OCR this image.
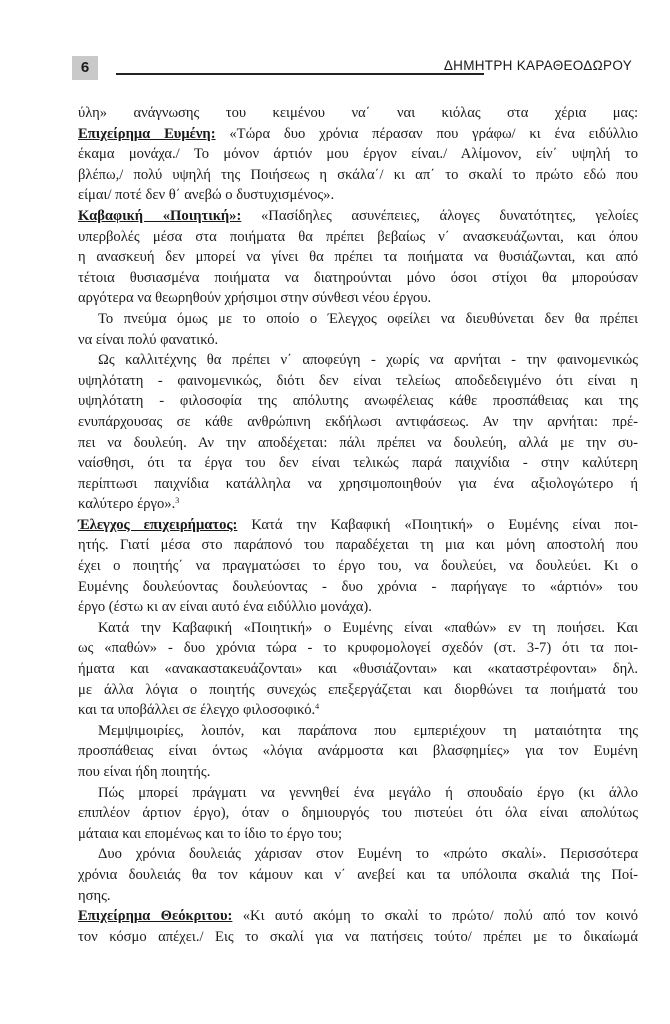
6	ΔΗΜΗΤΡΗ ΚΑΡΑΘΕΟΔΩΡΟΥ
ύλη» ανάγνωσης του κειμένου να΄ ναι κιόλας στα χέρια μας:
Επιχείρημα Ευμένη: «Τώρα δυο χρόνια πέρασαν που γράφω/ κι ένα ειδύλλιο
έκαμα μονάχα./ Το μόνον άρτιόν μου έργον είναι./ Αλίμονον, είν΄ υψηλή το
βλέπω,/ πολύ υψηλή της Ποιήσεως η σκάλα΄/ κι απ΄ το σκαλί το πρώτο εδώ που
είμαι/ ποτέ δεν θ΄ ανεβώ ο δυστυχισμένος».
Καβαφική «Ποιητική»: «Πασίδηλες ασυνέπειες, άλογες δυνατότητες, γελοίες
υπερβολές μέσα στα ποιήματα θα πρέπει βεβαίως ν΄ ανασκευάζωνται, και όπου
η ανασκευή δεν μπορεί να γίνει θα πρέπει τα ποιήματα να θυσιάζωνται, και από
τέτοια θυσιασμένα ποιήματα να διατηρούνται μόνο όσοι στίχοι θα μπορούσαν
αργότερα να θεωρηθούν χρήσιμοι στην σύνθεσι νέου έργου.
Το πνεύμα όμως με το οποίο ο Έλεγχος οφείλει να διευθύνεται δεν θα πρέπει
να είναι πολύ φανατικό.
Ως καλλιτέχνης θα πρέπει ν΄ αποφεύγη - χωρίς να αρνήται - την φαινομενικώς
υψηλότατη - φαινομενικώς, διότι δεν είναι τελείως αποδεδειγμένο ότι είναι η
υψηλότατη - φιλοσοφία της απόλυτης ανωφέλειας κάθε προσπάθειας και της
ενυπάρχουσας σε κάθε ανθρώπινη εκδήλωσι αντιφάσεως. Αν την αρνήται: πρέ-
πει να δουλεύη. Αν την αποδέχεται: πάλι πρέπει να δουλεύη, αλλά με την συ-
ναίσθησι, ότι τα έργα του δεν είναι τελικώς παρά παιχνίδια - στην καλύτερη
περίπτωσι παιχνίδια κατάλληλα να χρησιμοποιηθούν για ένα αξιολογώτερο ή
καλύτερο έργο».$^3$
Έλεγχος επιχειρήματος: Κατά την Καβαφική «Ποιητική» ο Ευμένης είναι ποι-
ητής. Γιατί μέσα στο παράπονό του παραδέχεται τη μια και μόνη αποστολή που
έχει ο ποιητής΄ να πραγματώσει το έργο του, να δουλεύει, να δουλεύει. Κι ο
Ευμένης δουλεύοντας δουλεύοντας - δυο χρόνια - παρήγαγε το «άρτιόν» του
έργο (έστω κι αν είναι αυτό ένα ειδύλλιο μονάχα).
Κατά την Καβαφική «Ποιητική» ο Ευμένης είναι «παθών» εν τη ποιήσει. Και
ως «παθών» - δυο χρόνια τώρα - το κρυφομολογεί σχεδόν (στ. 3-7) ότι τα ποι-
ήματα και «ανακαστακευάζονται» και «θυσιάζονται» και «καταστρέφονται» δηλ.
με άλλα λόγια ο ποιητής συνεχώς επεξεργάζεται και διορθώνει τα ποιήματά του
και τα υποβάλλει σε έλεγχο φιλοσοφικό.$^4$
Μεμψιμοιρίες, λοιπόν, και παράπονα που εμπεριέχουν τη ματαιότητα της
προσπάθειας είναι όντως «λόγια ανάρμοστα και βλασφημίες» για τον Ευμένη
που είναι ήδη ποιητής.
Πώς μπορεί πράγματι να γεννηθεί ένα μεγάλο ή σπουδαίο έργο (κι άλλο
επιπλέον άρτιον έργο), όταν ο δημιουργός του πιστεύει ότι όλα είναι απολύτως
μάταια και επομένως και το ίδιο το έργο του;
Δυο χρόνια δουλειάς χάρισαν στον Ευμένη το «πρώτο σκαλί». Περισσότερα
χρόνια δουλειάς θα τον κάμουν και ν΄ ανεβεί και τα υπόλοιπα σκαλιά της Ποί-
ησης.
Επιχείρημα Θεόκριτου: «Κι αυτό ακόμη το σκαλί το πρώτο/ πολύ από τον κοινό
τον κόσμο απέχει./ Εις το σκαλί για να πατήσεις τούτο/ πρέπει με το δικαίωμά
